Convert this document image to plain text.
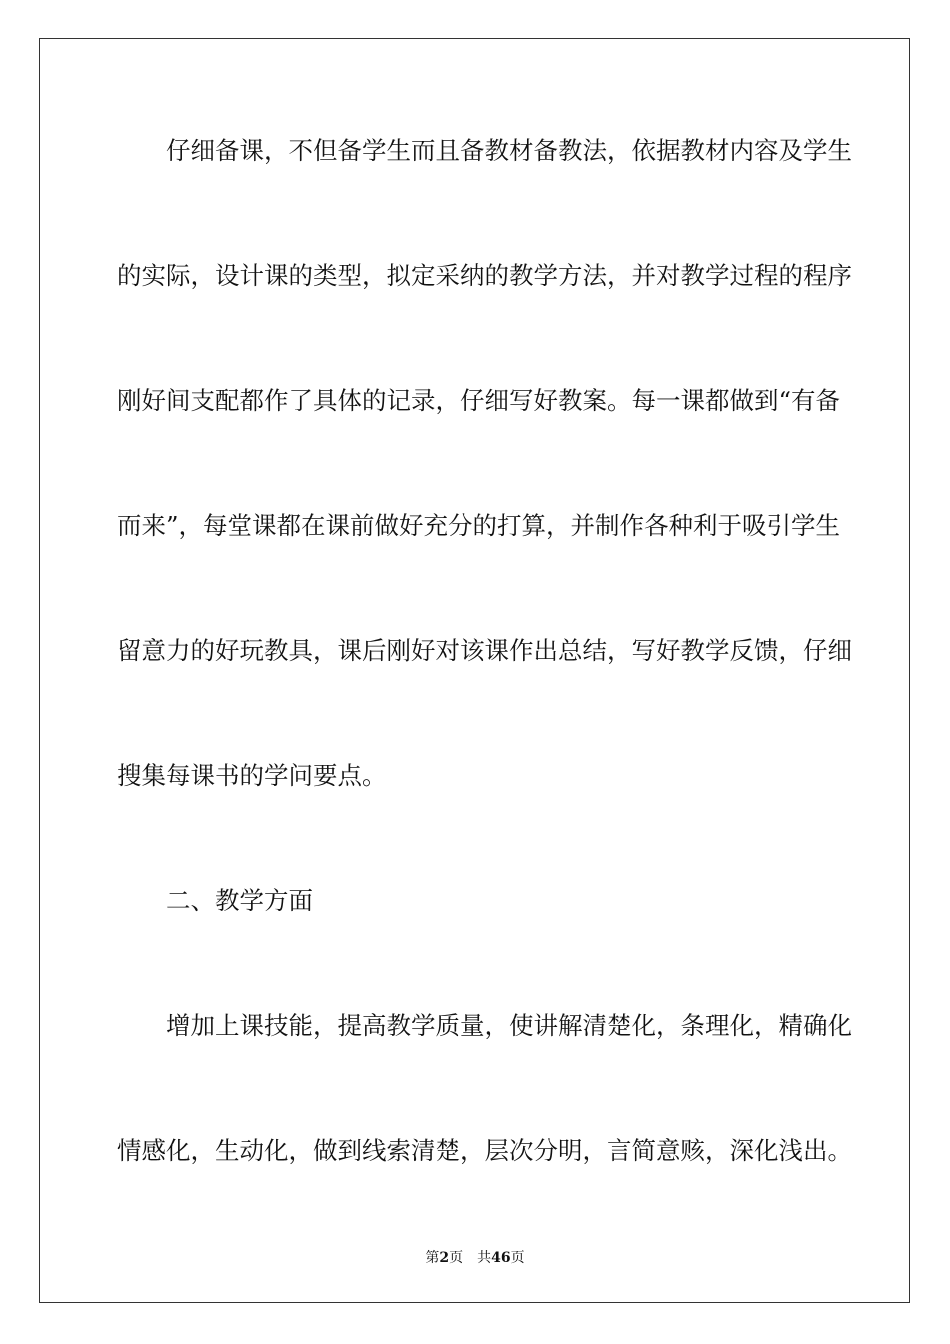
仔细备课，不但备学生而且备教材备教法，依据教材内容及学生
的实际，设计课的类型，拟定采纳的教学方法，并对教学过程的程序
刚好间支配都作了具体的记录，仔细写好教案。每一课都做到“有备
而来”，每堂课都在课前做好充分的打算，并制作各种利于吸引学生
留意力的好玩教具，课后刚好对该课作出总结，写好教学反馈，仔细
搜集每课书的学问要点。
二、教学方面
增加上课技能，提高教学质量，使讲解清楚化，条理化，精确化
情感化，生动化，做到线索清楚，层次分明，言简意赅，深化浅出。
第2页 共46页
